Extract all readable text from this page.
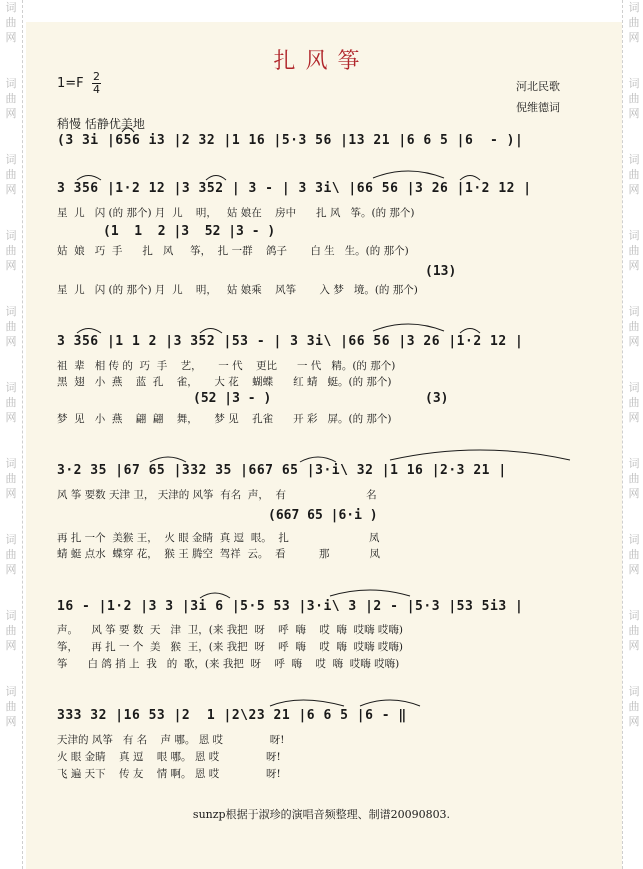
词
曲
网
词
曲
网
词
曲
网
词
曲
网
词
曲
网
词
曲
网
词
曲
网
词
曲
网
词
曲
网
词
曲
网
词
曲
网
词
曲
网
词
曲
网
词
曲
网
词
曲
网
词
曲
网
词
曲
网
词
曲
网
词
曲
网
词
曲
网
扎风筝
1=F 2
4	河北民歌
倪维德词
稍慢 恬静优美地
(3 3i |656 i3 |2 32 |1 16 |5·3 56 |13 21 |6 6 5 |6  - )|
3 356 |1·2 12 |3 352 | 3 - | 3 3i\ |66 56 |3 26 |1·2 12 |
星  儿   闪 (的 那个) 月  儿    明，   姑 娘在    房中      扎 风   筝。(的 那个)
(1  1  2 |3  52 |3 - )
姑  娘   巧  手      扎   风     筝，  扎 一群    鸽子       白 生   生。(的 那个)
(13)
星  儿   闪 (的 那个) 月  儿    明，   姑 娘乘    风筝       入 梦   境。(的 那个)
3 356 |1 1 2 |3 352 |53 - | 3 3i\ |66 56 |3 26 |1·2 12 |
祖  辈   相 传 的  巧  手    艺，     一 代    更比      一 代   精。(的 那个)
黑  翅   小  燕    蓝  孔    雀，     大 花    蝴蝶      红 蜻   蜓。(的 那个)
(52 |3 - )	(3)
梦  见   小  燕    翩  翩    舞，     梦 见    孔雀      开 彩   屏。(的 那个)
3·2 35 |67 65 |332 35 |667 65 |3·i\ 32 |1 16 |2·3 21 |
风 筝 要数 天津 卫， 天津的 风筝  有名  声，  有                        名
(667 65 |6·i )
再 扎 一个  美猴 王，  火 眼 金睛  真 逗  哏。  扎                        凤
蜻 蜓 点水  蝶穿 花，  猴 王 腾空  驾祥  云。  看          那            凤
16 - |1·2 |3 3 |3i 6 |5·5 53 |3·i\ 3 |2 - |5·3 |53 5i3 |
声。    风 筝 要 数  天   津  卫，(来 我把  呀    呼  嗨    哎  嗨  哎嗨 哎嗨)
筝，    再 扎 一 个  美   猴  王，(来 我把  呀    呼  嗨    哎  嗨  哎嗨 哎嗨)
筝      白 鸽 捎 上  我   的  歌，(来 我把  呀    呼  嗨    哎  嗨  哎嗨 哎嗨)
333 32 |16 53 |2  1 |2\23 21 |6 6 5 |6 - ‖
天津的 风筝   有 名    声 哪。 恩 哎              呀!
火 眼 金睛    真 逗    哏 哪。 恩 哎              呀!
飞 遍 天下    传 友    情 啊。 恩 哎              呀!
sunzp根据于淑珍的演唱音频整理、制谱20090803.
